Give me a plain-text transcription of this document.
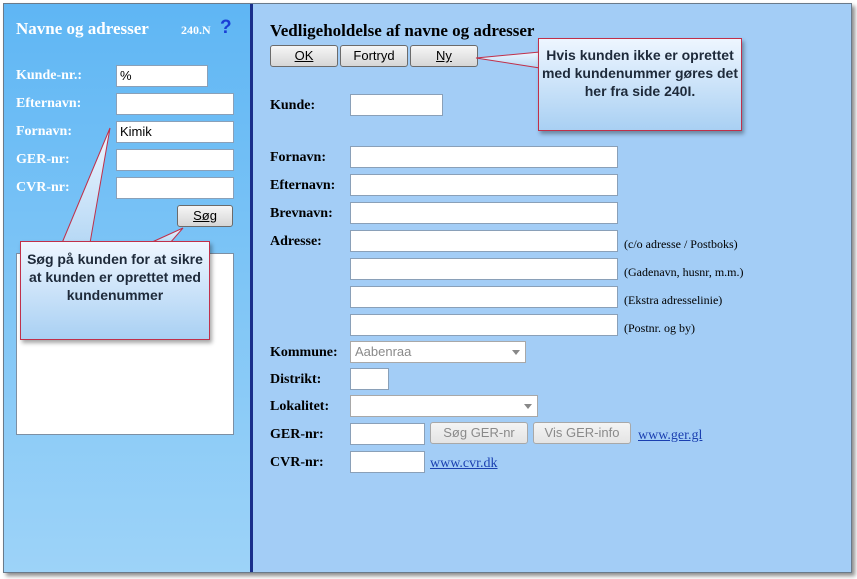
Navne og adresser	240.N ?
Kunde-nr.:	%
Efternavn:
Fornavn:	Kimik
GER-nr:
CVR-nr:
Søg
Vedligeholdelse af navne og adresser
OK	Fortryd	Ny
Kunde:
Fornavn:
Efternavn:
Brevnavn:
Adresse:	(c/o adresse / Postboks)
(Gadenavn, husnr, m.m.)
(Ekstra adresselinie)
(Postnr. og by)
Kommune:	Aabenraa
Distrikt:
Lokalitet:
GER-nr:	Søg GER-nr	Vis GER-info	www.ger.gl
CVR-nr:	www.cvr.dk
Søg på kunden for at sikre at kunden er oprettet med kundenummer
Hvis kunden ikke er oprettet med kundenummer gøres det her fra side 240I.
